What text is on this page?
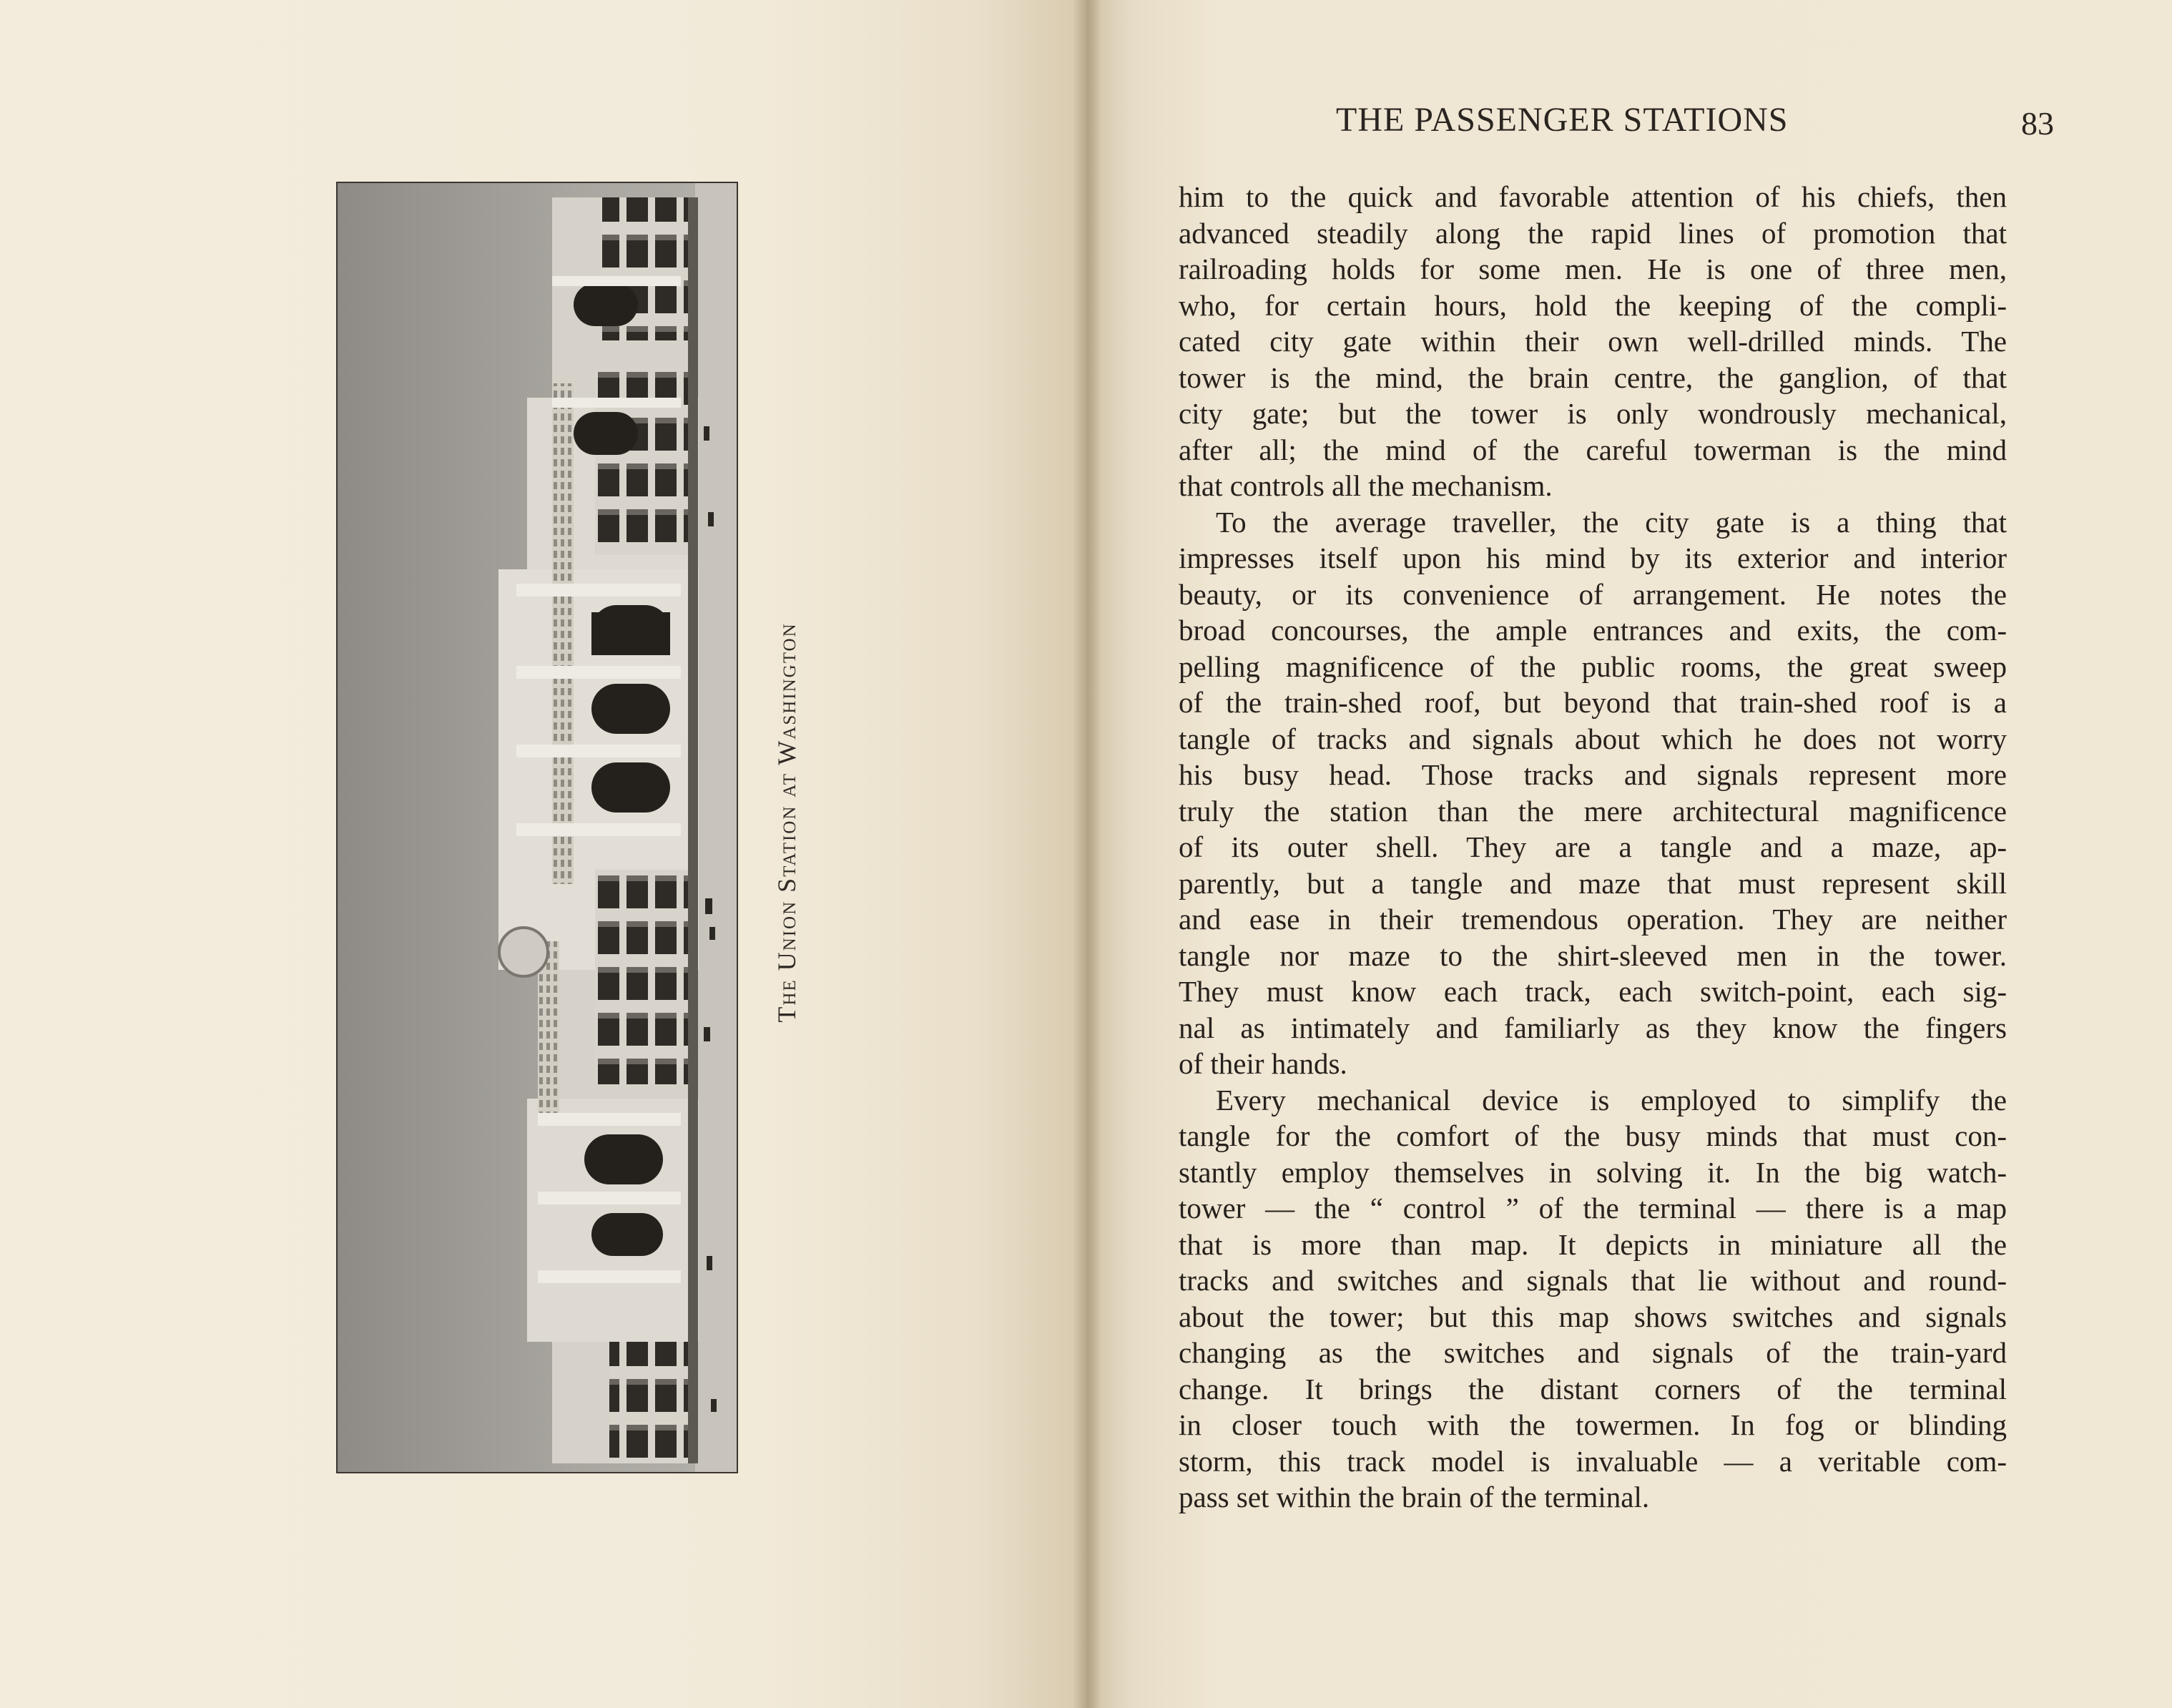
The Union Station at Washington
THE PASSENGER STATIONS	83
him to the quick and favorable attention of his chiefs, then
advanced steadily along the rapid lines of promotion that
railroading holds for some men. He is one of three men,
who, for certain hours, hold the keeping of the compli-
cated city gate within their own well-drilled minds. The
tower is the mind, the brain centre, the ganglion, of that
city gate; but the tower is only wondrously mechanical,
after all; the mind of the careful towerman is the mind
that controls all the mechanism.
To the average traveller, the city gate is a thing that
impresses itself upon his mind by its exterior and interior
beauty, or its convenience of arrangement. He notes the
broad concourses, the ample entrances and exits, the com-
pelling magnificence of the public rooms, the great sweep
of the train-shed roof, but beyond that train-shed roof is a
tangle of tracks and signals about which he does not worry
his busy head. Those tracks and signals represent more
truly the station than the mere architectural magnificence
of its outer shell. They are a tangle and a maze, ap-
parently, but a tangle and maze that must represent skill
and ease in their tremendous operation. They are neither
tangle nor maze to the shirt-sleeved men in the tower.
They must know each track, each switch-point, each sig-
nal as intimately and familiarly as they know the fingers
of their hands.
Every mechanical device is employed to simplify the
tangle for the comfort of the busy minds that must con-
stantly employ themselves in solving it. In the big watch-
tower — the “ control ” of the terminal — there is a map
that is more than map. It depicts in miniature all the
tracks and switches and signals that lie without and round-
about the tower; but this map shows switches and signals
changing as the switches and signals of the train-yard
change. It brings the distant corners of the terminal
in closer touch with the towermen. In fog or blinding
storm, this track model is invaluable — a veritable com-
pass set within the brain of the terminal.
